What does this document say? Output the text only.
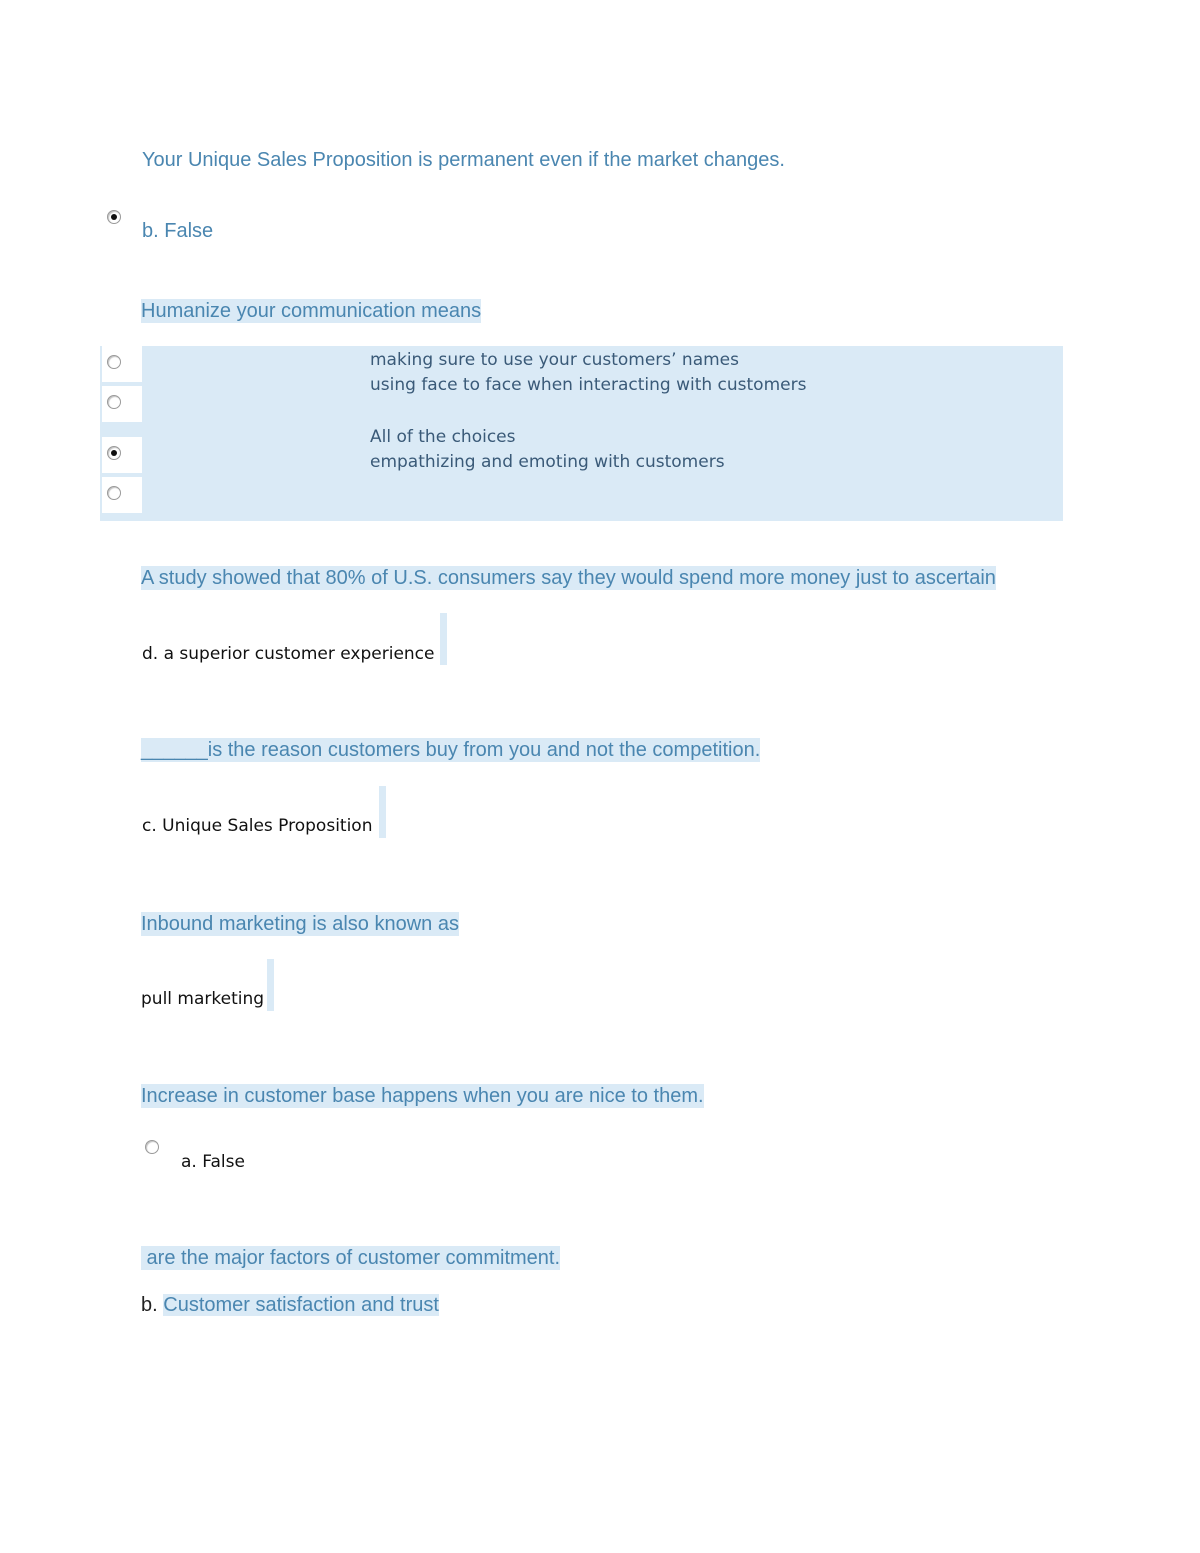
Your Unique Sales Proposition is permanent even if the market changes.
b. False
Humanize your communication means
making sure to use your customers’ names
using face to face when interacting with customers
All of the choices
empathizing and emoting with customers
A study showed that 80% of U.S. consumers say they would spend more money just to ascertain
d. a superior customer experience
______is the reason customers buy from you and not the competition.
c. Unique Sales Proposition
Inbound marketing is also known as
pull marketing
Increase in customer base happens when you are nice to them.
a. False
are the major factors of customer commitment.
b. Customer satisfaction and trust
